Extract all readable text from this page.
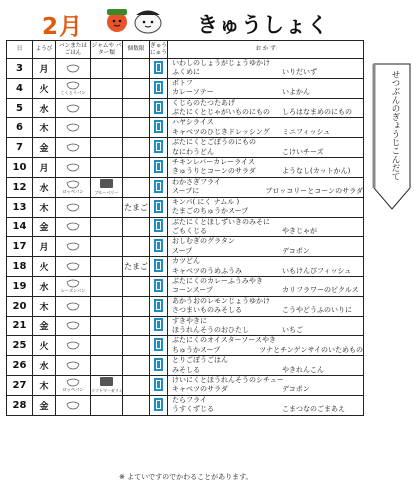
2月	きゅうしょく
日	ようび	パンまたは ごはん	ジャムや バター類	個数限	ぎゅう にゅう	お か ず
3	月					いわしのしょうがじょうゆかけ
ふくめに いりだいず

4	火	こくとうパン				ポトフ
カレーソテー いよかん

5	水					くじらのたつたあげ
ぶたにくとじゃがいものにもの しろはなまめのにもの

6	木					ハヤシライス
キャベツのひじきドレッシング ミニフィッシュ

7	金					ぶたにくとごぼうのにもの
なにわうどん こけいチーズ

10	月					チキンレバーカレーライス
きゅうりとコーンのサラダ ようなし(カットかん)

12	水	ロッペパン	ブルーベリー			わかさぎフライ
スープに ブロッコリーとコーンのサラダ

13	木			たまご		キンパ( にく ナムル )
たまごのちゅうかスープ

14	金					ぶたにくとほしずいきのみそに
ごもくじる やきじゃが

17	月					おしむぎのグラタン
スープ デコポン

18	火			たまご		カツどん
キャベツのうめふうみ いもけんぴフィッシュ

19	水	レーズンパン				ぶたにくのカレーふうみやき
コーンスープ カリフラワーのピクルス

20	木					あかうおのレモンじょうゆかけ
さつまいものみそしる こうやどうふのいりに

21	金					すきやきに
ほうれんそうのおひたし いちご

25	火					ぶたにくのオイスターソースやき
ちゅうかスープ ツナとチンゲンサイのいためもの

26	水					とりごぼうごはん
みそしる やきれんこん

27	木	ロッペパン	ソフトマーガリン			けいにくとほうれんそうのシチュー
キャベツのサラダ デコポン

28	金					たらフライ
うすくずじる こまつなのごまあえ
※ よていですのでかわることがあります。
せつぶんのぎょうじこんだて
